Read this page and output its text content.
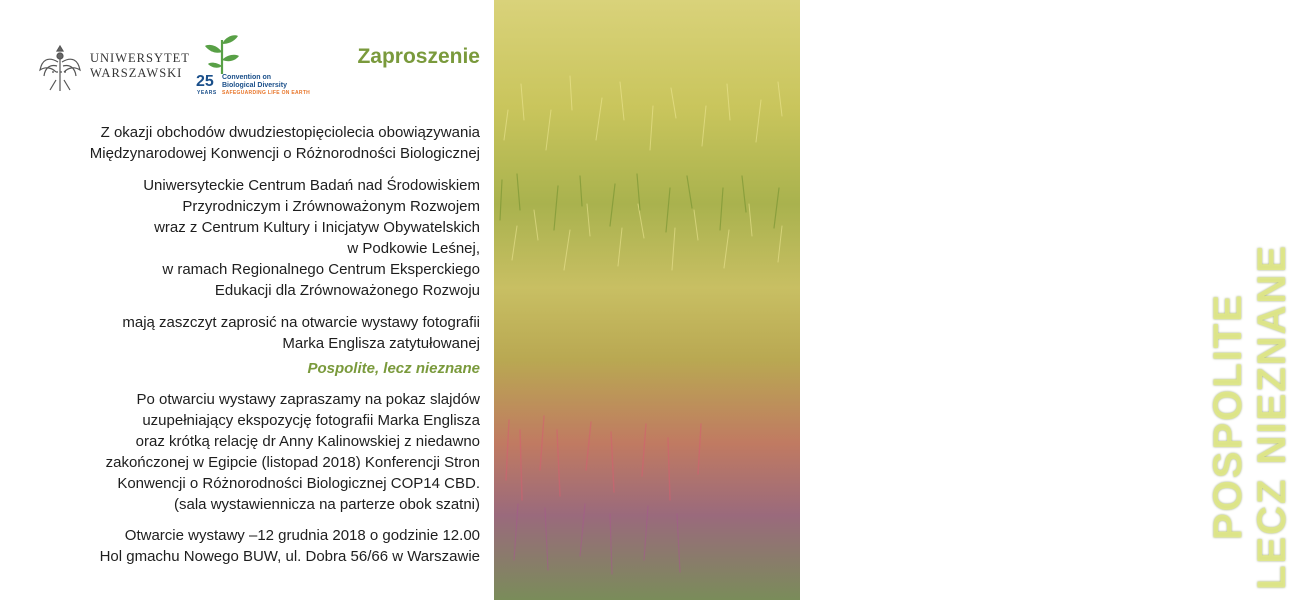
UNIWERSYTET
WARSZAWSKI 25
YEARS
Convention on
Biological Diversity
SAFEGUARDING LIFE ON EARTH
Zaproszenie

Z okazji obchodów dwudziestopięciolecia obowiązywania

Międzynarodowej Konwencji o Różnorodności Biologicznej

Uniwersyteckie Centrum Badań nad Środowiskiem

Przyrodniczym i Zrównoważonym Rozwojem

wraz z Centrum Kultury i Inicjatyw Obywatelskich

w Podkowie Leśnej,

w ramach Regionalnego Centrum Eksperckiego

Edukacji dla Zrównoważonego Rozwoju

mają zaszczyt zaprosić na otwarcie wystawy fotografii

Marka Englisza zatytułowanej

Pospolite, lecz nieznane

Po otwarciu wystawy zapraszamy na pokaz slajdów

uzupełniający ekspozycję fotografii Marka Englisza

oraz krótką relację dr Anny Kalinowskiej z niedawno

zakończonej w Egipcie (listopad 2018) Konferencji Stron

Konwencji o Różnorodności Biologicznej COP14 CBD.

(sala wystawiennicza na parterze obok szatni)

Otwarcie wystawy –12 grudnia 2018 o godzinie 12.00

Hol gmachu Nowego BUW, ul. Dobra 56/66 w Warszawie

POSPOLITE LECZ NIEZNANE
